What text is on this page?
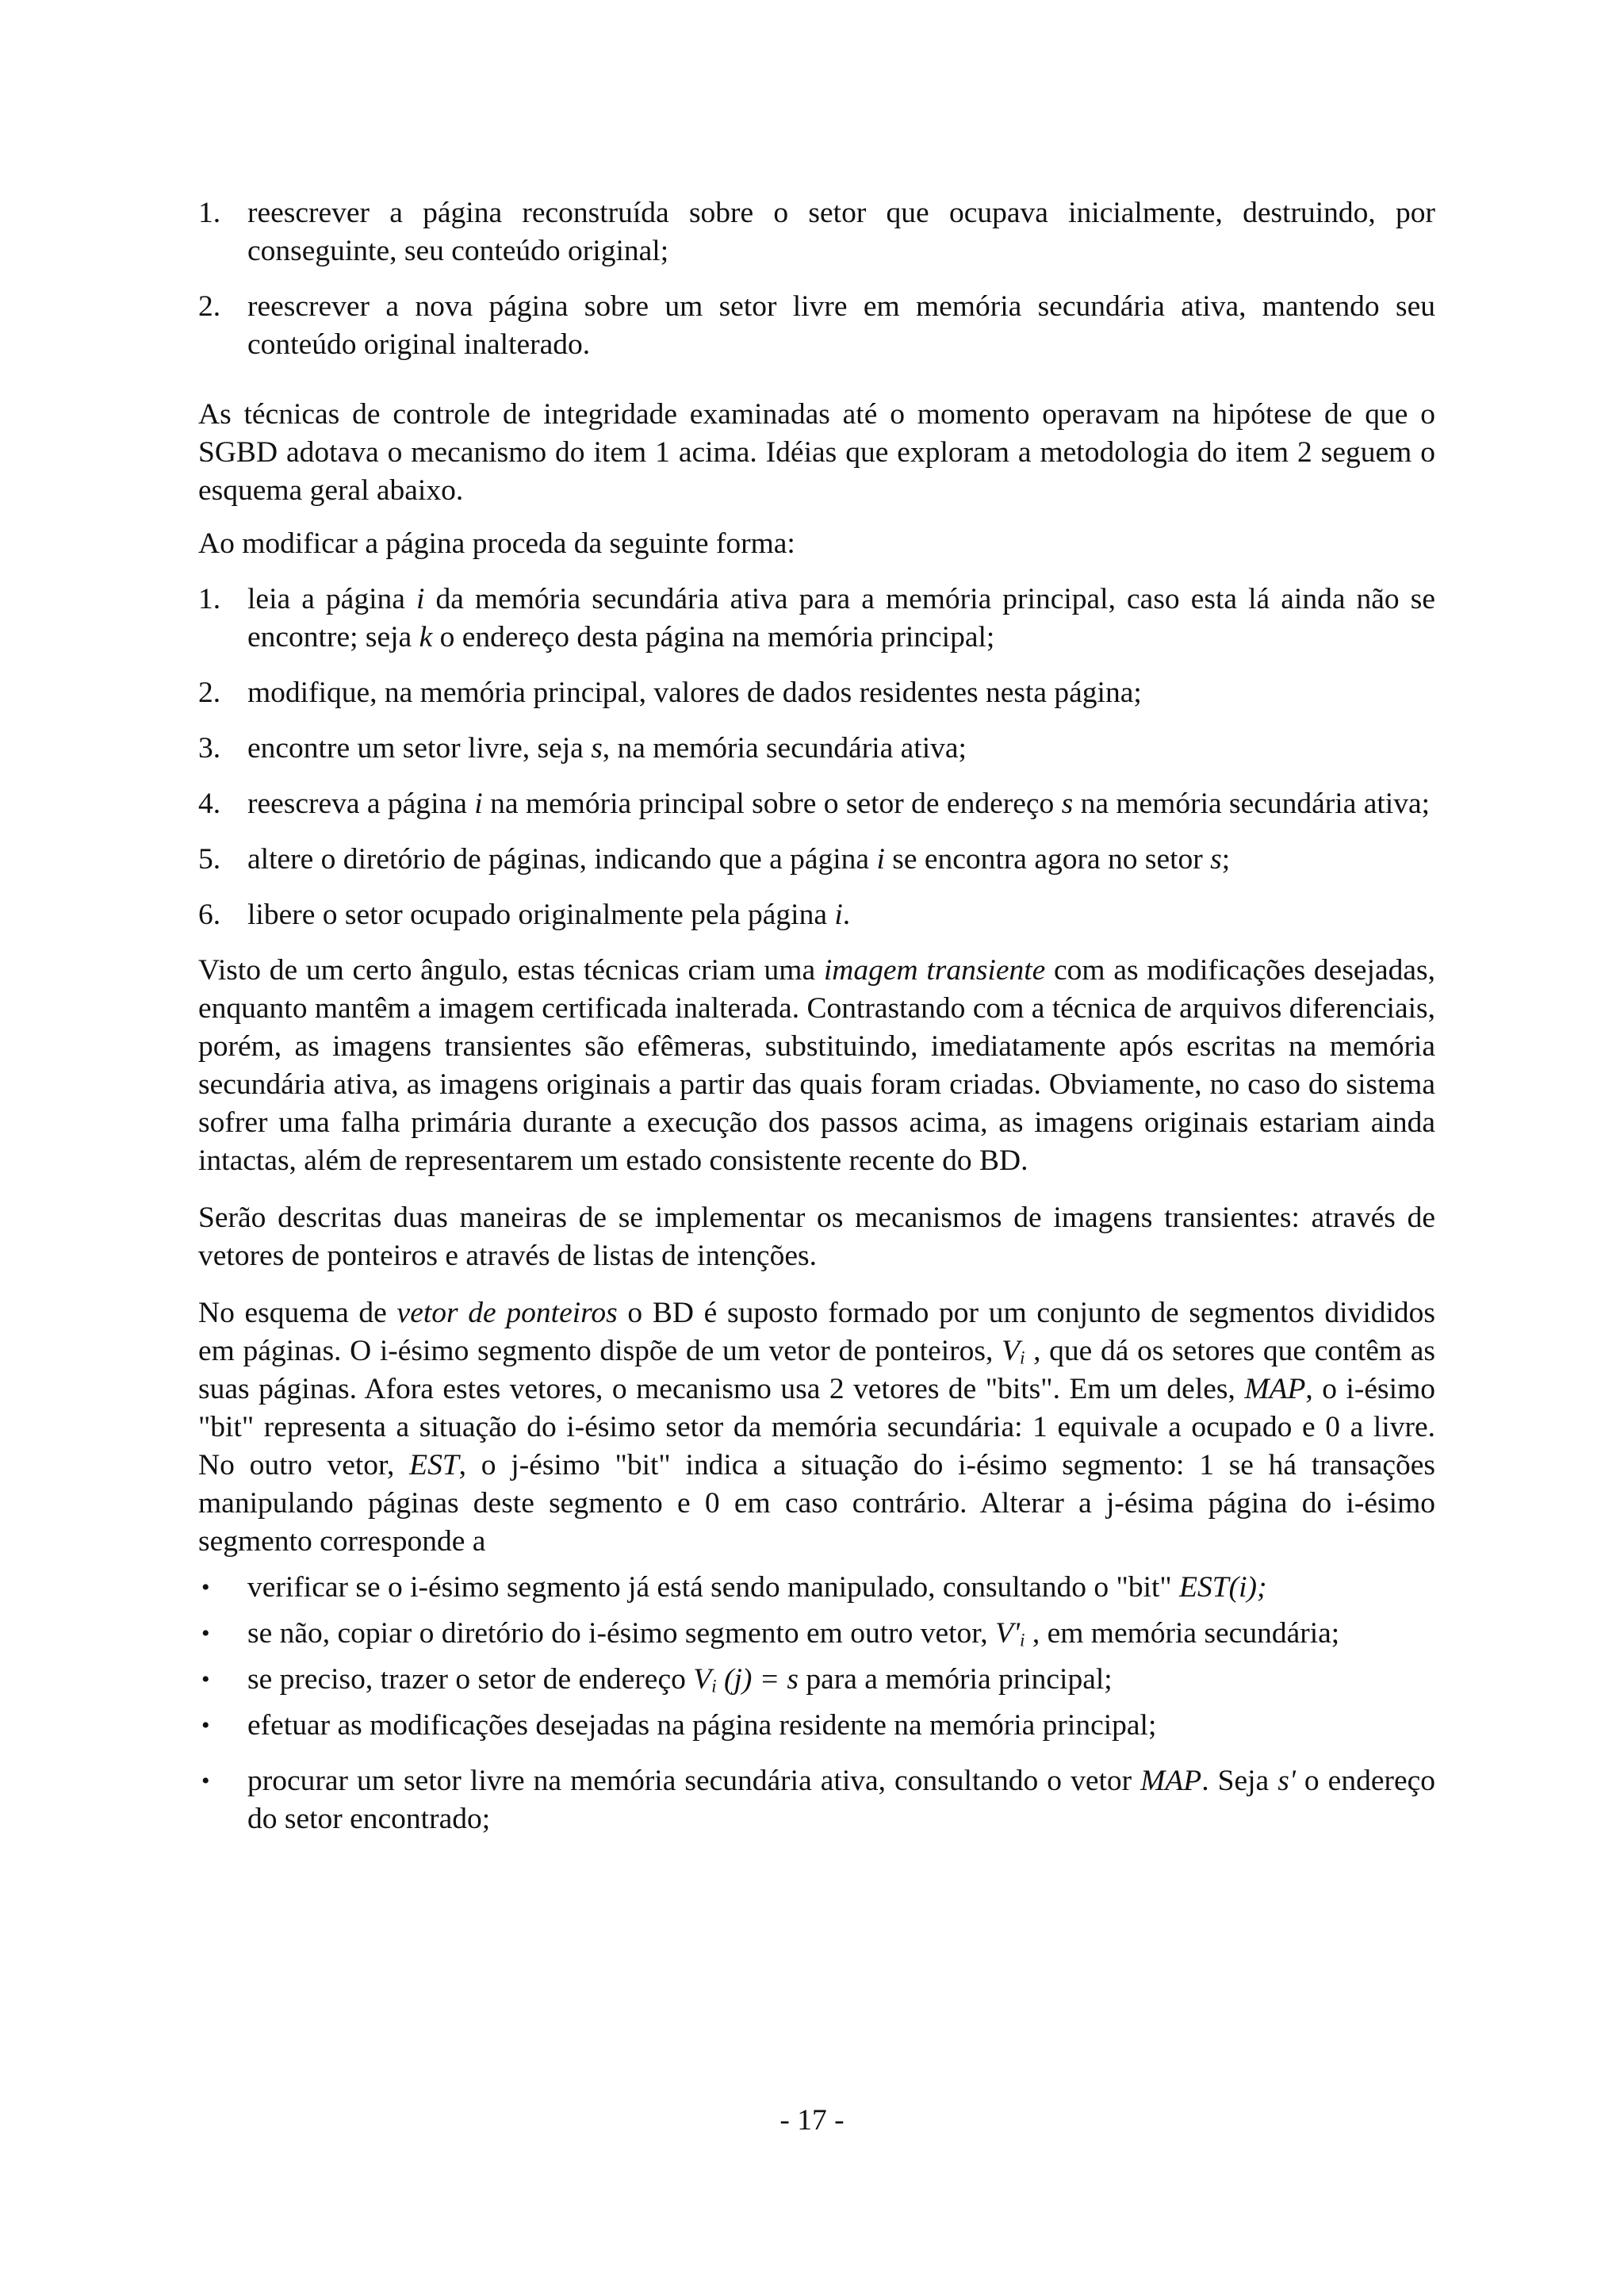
1. reescrever a página reconstruída sobre o setor que ocupava inicialmente, destruindo, por conseguinte, seu conteúdo original;
2. reescrever a nova página sobre um setor livre em memória secundária ativa, mantendo seu conteúdo original inalterado.

As técnicas de controle de integridade examinadas até o momento operavam na hipótese de que o SGBD adotava o mecanismo do item 1 acima. Idéias que exploram a metodologia do item 2 seguem o esquema geral abaixo.

Ao modificar a página proceda da seguinte forma:

1. leia a página i da memória secundária ativa para a memória principal, caso esta lá ainda não se encontre; seja k o endereço desta página na memória principal;
2. modifique, na memória principal, valores de dados residentes nesta página;
3. encontre um setor livre, seja s, na memória secundária ativa;
4. reescreva a página i na memória principal sobre o setor de endereço s na memória secundária ativa;
5. altere o diretório de páginas, indicando que a página i se encontra agora no setor s;
6. libere o setor ocupado originalmente pela página i.

Visto de um certo ângulo, estas técnicas criam uma imagem transiente com as modificações desejadas, enquanto mantêm a imagem certificada inalterada. Contrastando com a técnica de arquivos diferenciais, porém, as imagens transientes são efêmeras, substituindo, imediatamente após escritas na memória secundária ativa, as imagens originais a partir das quais foram criadas. Obviamente, no caso do sistema sofrer uma falha primária durante a execução dos passos acima, as imagens originais estariam ainda intactas, além de representarem um estado consistente recente do BD.

Serão descritas duas maneiras de se implementar os mecanismos de imagens transientes: através de vetores de ponteiros e através de listas de intenções.

No esquema de vetor de ponteiros o BD é suposto formado por um conjunto de segmentos divididos em páginas. O i-ésimo segmento dispõe de um vetor de ponteiros, $V_i$ , que dá os setores que contêm as suas páginas. Afora estes vetores, o mecanismo usa 2 vetores de "bits". Em um deles, MAP, o i-ésimo "bit" representa a situação do i-ésimo setor da memória secundária: 1 equivale a ocupado e 0 a livre. No outro vetor, EST, o j-ésimo "bit" indica a situação do i-ésimo segmento: 1 se há transações manipulando páginas deste segmento e 0 em caso contrário. Alterar a j-ésima página do i-ésimo segmento corresponde a

• verificar se o i-ésimo segmento já está sendo manipulado, consultando o "bit" EST(i);
• se não, copiar o diretório do i-ésimo segmento em outro vetor, $V'_i$ , em memória secundária;
• se preciso, trazer o setor de endereço $V_i$ (j) = s para a memória principal;
• efetuar as modificações desejadas na página residente na memória principal;
• procurar um setor livre na memória secundária ativa, consultando o vetor MAP. Seja s' o endereço do setor encontrado;
- 17 -
